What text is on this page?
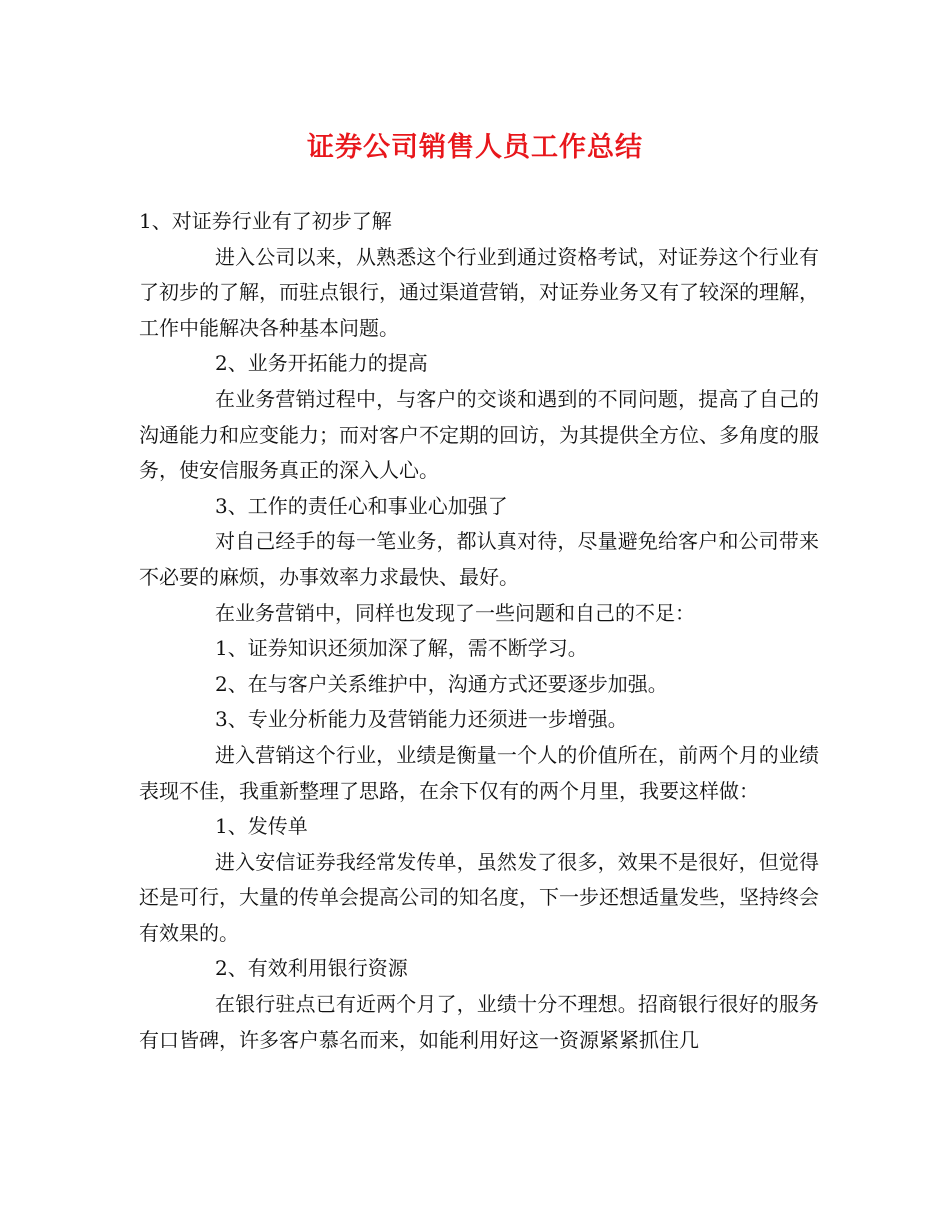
证券公司销售人员工作总结

1、对证券行业有了初步了解

进入公司以来，从熟悉这个行业到通过资格考试，对证券这个行业有了初步的了解，而驻点银行，通过渠道营销，对证券业务又有了较深的理解，工作中能解决各种基本问题。

2、业务开拓能力的提高

在业务营销过程中，与客户的交谈和遇到的不同问题，提高了自己的沟通能力和应变能力；而对客户不定期的回访，为其提供全方位、多角度的服务，使安信服务真正的深入人心。

3、工作的责任心和事业心加强了

对自己经手的每一笔业务，都认真对待，尽量避免给客户和公司带来不必要的麻烦，办事效率力求最快、最好。

在业务营销中，同样也发现了一些问题和自己的不足：

1、证券知识还须加深了解，需不断学习。

2、在与客户关系维护中，沟通方式还要逐步加强。

3、专业分析能力及营销能力还须进一步增强。

进入营销这个行业，业绩是衡量一个人的价值所在，前两个月的业绩表现不佳，我重新整理了思路，在余下仅有的两个月里，我要这样做：

1、发传单

进入安信证券我经常发传单，虽然发了很多，效果不是很好，但觉得还是可行，大量的传单会提高公司的知名度，下一步还想适量发些，坚持终会有效果的。

2、有效利用银行资源

在银行驻点已有近两个月了，业绩十分不理想。招商银行很好的服务有口皆碑，许多客户慕名而来，如能利用好这一资源紧紧抓住几
